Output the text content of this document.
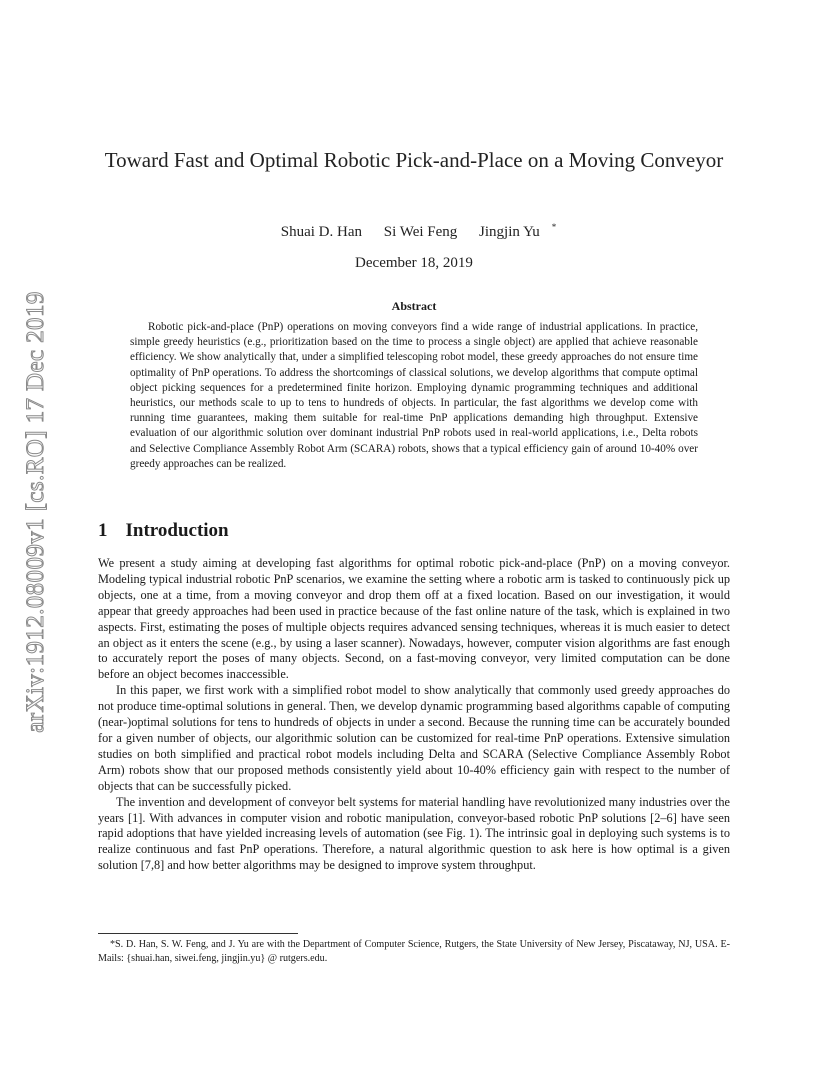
arXiv:1912.08009v1 [cs.RO] 17 Dec 2019
Toward Fast and Optimal Robotic Pick-and-Place on a Moving Conveyor
Shuai D. Han Si Wei Feng Jingjin Yu *
December 18, 2019
Abstract
Robotic pick-and-place (PnP) operations on moving conveyors find a wide range of industrial applications. In practice, simple greedy heuristics (e.g., prioritization based on the time to process a single object) are applied that achieve reasonable efficiency. We show analytically that, under a simplified telescoping robot model, these greedy approaches do not ensure time optimality of PnP operations. To address the shortcomings of classical solutions, we develop algorithms that compute optimal object picking sequences for a predetermined finite horizon. Employing dynamic programming techniques and additional heuristics, our methods scale to up to tens to hundreds of objects. In particular, the fast algorithms we develop come with running time guarantees, making them suitable for real-time PnP applications demanding high throughput. Extensive evaluation of our algorithmic solution over dominant industrial PnP robots used in real-world applications, i.e., Delta robots and Selective Compliance Assembly Robot Arm (SCARA) robots, shows that a typical efficiency gain of around 10-40% over greedy approaches can be realized.
1 Introduction

We present a study aiming at developing fast algorithms for optimal robotic pick-and-place (PnP) on a moving conveyor. Modeling typical industrial robotic PnP scenarios, we examine the setting where a robotic arm is tasked to continuously pick up objects, one at a time, from a moving conveyor and drop them off at a fixed location. Based on our investigation, it would appear that greedy approaches had been used in practice because of the fast online nature of the task, which is explained in two aspects. First, estimating the poses of multiple objects requires advanced sensing techniques, whereas it is much easier to detect an object as it enters the scene (e.g., by using a laser scanner). Nowadays, however, computer vision algorithms are fast enough to accurately report the poses of many objects. Second, on a fast-moving conveyor, very limited computation can be done before an object becomes inaccessible.

In this paper, we first work with a simplified robot model to show analytically that commonly used greedy approaches do not produce time-optimal solutions in general. Then, we develop dynamic programming based algorithms capable of computing (near-)optimal solutions for tens to hundreds of objects in under a second. Because the running time can be accurately bounded for a given number of objects, our algorithmic solution can be customized for real-time PnP operations. Extensive simulation studies on both simplified and practical robot models including Delta and SCARA (Selective Compliance Assembly Robot Arm) robots show that our proposed methods consistently yield about 10-40% efficiency gain with respect to the number of objects that can be successfully picked.

The invention and development of conveyor belt systems for material handling have revolutionized many industries over the years [1]. With advances in computer vision and robotic manipulation, conveyor-based robotic PnP solutions [2–6] have seen rapid adoptions that have yielded increasing levels of automation (see Fig. 1). The intrinsic goal in deploying such systems is to realize continuous and fast PnP operations. Therefore, a natural algorithmic question to ask here is how optimal is a given solution [7,8] and how better algorithms may be designed to improve system throughput.

*S. D. Han, S. W. Feng, and J. Yu are with the Department of Computer Science, Rutgers, the State University of New Jersey, Piscataway, NJ, USA. E-Mails: {shuai.han, siwei.feng, jingjin.yu} @ rutgers.edu.
